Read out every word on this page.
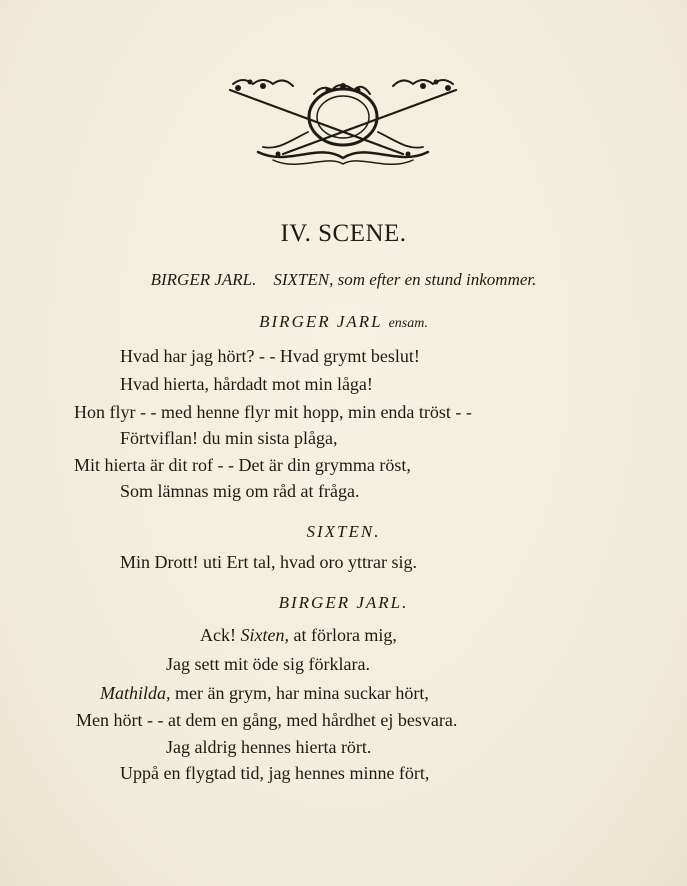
IV. SCENE.
BIRGER JARL. SIXTEN, som efter en stund inkommer.
BIRGER JARL ensam.
Hvad har jag hört? - - Hvad grymt beslut!
Hvad hierta, hårdadt mot min låga!
Hon flyr - - med henne flyr mit hopp, min enda tröst - -
Förtviflan! du min sista plåga,
Mit hierta är dit rof - - Det är din grymma röst,
Som lämnas mig om råd at fråga.
SIXTEN.
Min Drott! uti Ert tal, hvad oro yttrar sig.
BIRGER JARL.
Ack! Sixten, at förlora mig,
Jag sett mit öde sig förklara.
Mathilda, mer än grym, har mina suckar hört,
Men hört - - at dem en gång, med hårdhet ej besvara.
Jag aldrig hennes hierta rört.
Uppå en flygtad tid, jag hennes minne fört,
